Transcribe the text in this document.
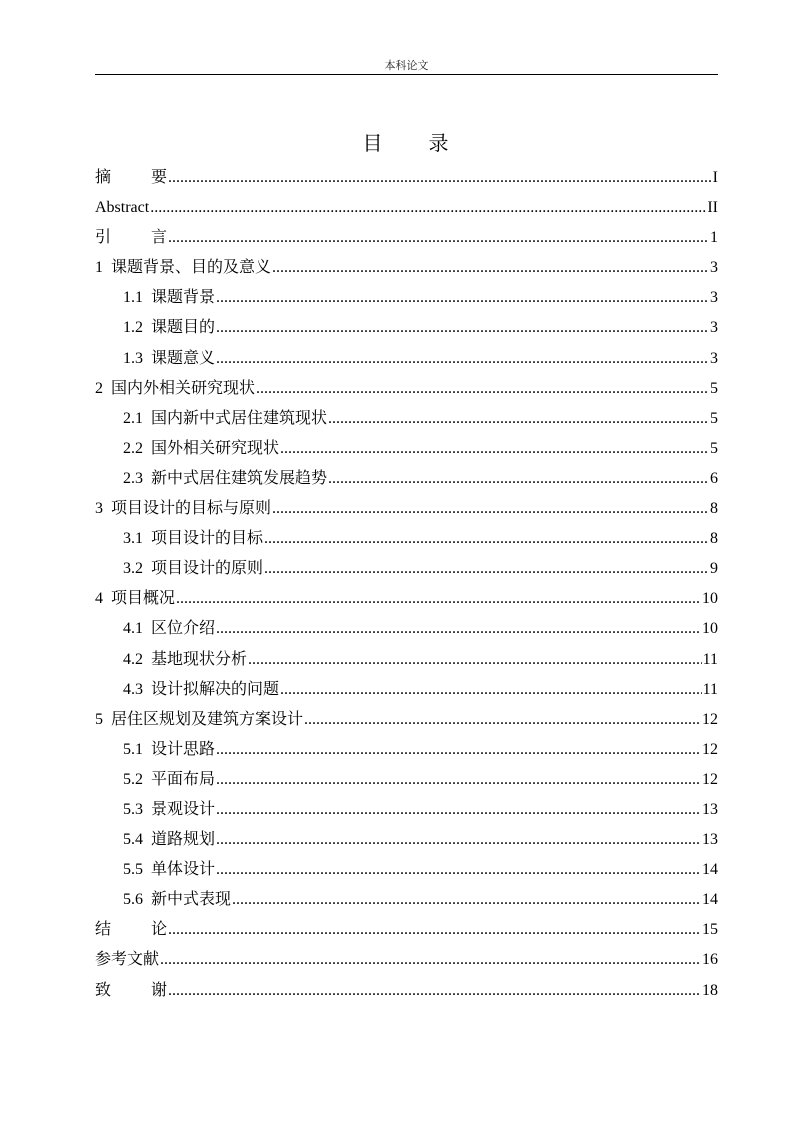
本科论文
目　　录
摘	要 .....	I
Abstract .....	II
引	言 .....	1
1 课题背景、目的及意义 .....	3
1.1 课题背景 .....	3
1.2 课题目的 .....	3
1.3 课题意义 .....	3
2 国内外相关研究现状 .....	5
2.1 国内新中式居住建筑现状 .....	5
2.2 国外相关研究现状 .....	5
2.3 新中式居住建筑发展趋势 .....	6
3 项目设计的目标与原则 .....	8
3.1 项目设计的目标 .....	8
3.2 项目设计的原则 .....	9
4 项目概况 .....	10
4.1 区位介绍 .....	10
4.2 基地现状分析 .....	11
4.3 设计拟解决的问题 .....	11
5 居住区规划及建筑方案设计 .....	12
5.1 设计思路 .....	12
5.2 平面布局 .....	12
5.3 景观设计 .....	13
5.4 道路规划 .....	13
5.5 单体设计 .....	14
5.6 新中式表现 .....	14
结	论 .....	15
参考文献 .....	16
致	谢 .....	18
